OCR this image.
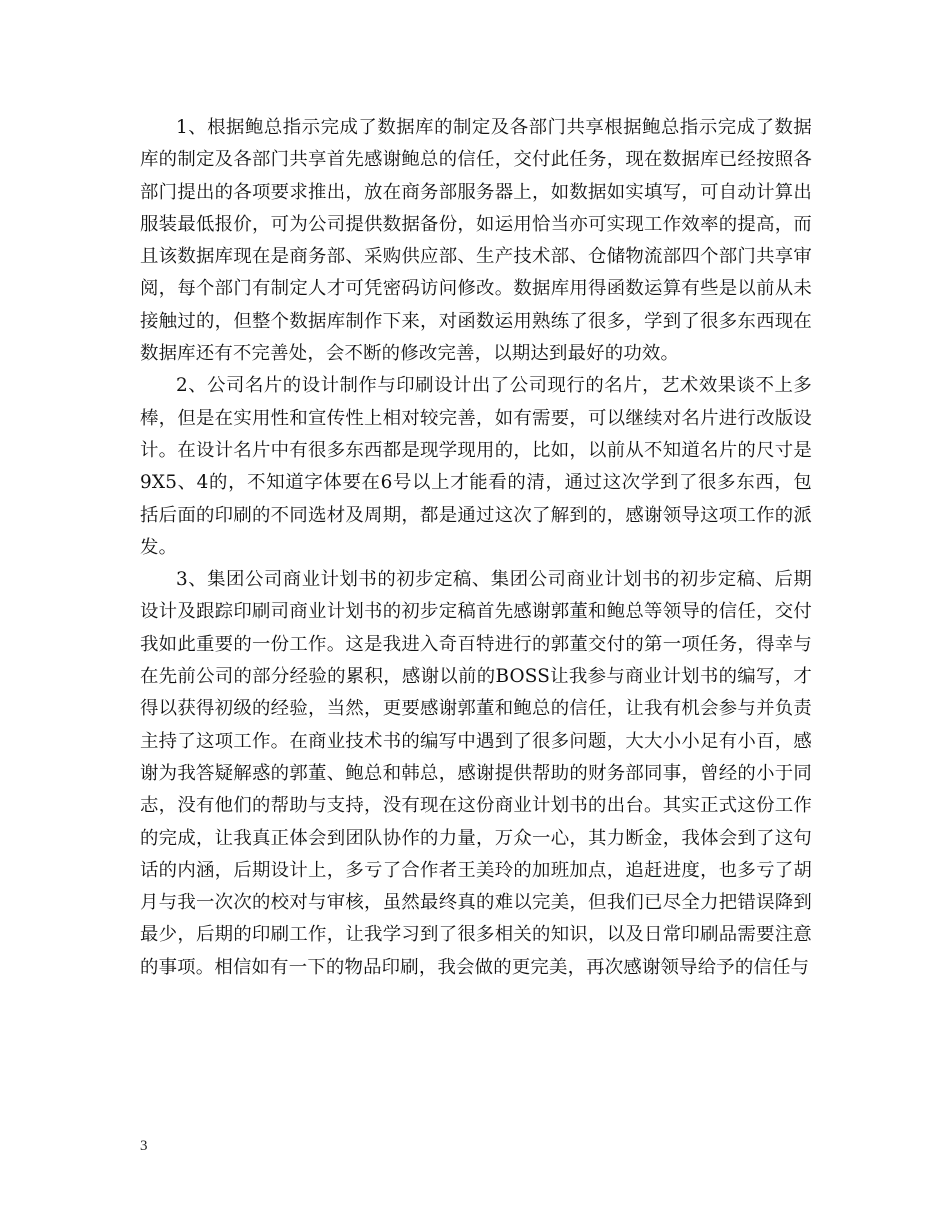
1、根据鲍总指示完成了数据库的制定及各部门共享根据鲍总指示完成了数据库的制定及各部门共享首先感谢鲍总的信任，交付此任务，现在数据库已经按照各部门提出的各项要求推出，放在商务部服务器上，如数据如实填写，可自动计算出服装最低报价，可为公司提供数据备份，如运用恰当亦可实现工作效率的提高，而且该数据库现在是商务部、采购供应部、生产技术部、仓储物流部四个部门共享审阅，每个部门有制定人才可凭密码访问修改。数据库用得函数运算有些是以前从未接触过的，但整个数据库制作下来，对函数运用熟练了很多，学到了很多东西现在数据库还有不完善处，会不断的修改完善，以期达到最好的功效。

2、公司名片的设计制作与印刷设计出了公司现行的名片，艺术效果谈不上多棒，但是在实用性和宣传性上相对较完善，如有需要，可以继续对名片进行改版设计。在设计名片中有很多东西都是现学现用的，比如，以前从不知道名片的尺寸是9X5、4的，不知道字体要在6号以上才能看的清，通过这次学到了很多东西，包括后面的印刷的不同选材及周期，都是通过这次了解到的，感谢领导这项工作的派发。

3、集团公司商业计划书的初步定稿、集团公司商业计划书的初步定稿、后期设计及跟踪印刷司商业计划书的初步定稿首先感谢郭董和鲍总等领导的信任，交付我如此重要的一份工作。这是我进入奇百特进行的郭董交付的第一项任务，得幸与在先前公司的部分经验的累积，感谢以前的BOSS让我参与商业计划书的编写，才得以获得初级的经验，当然，更要感谢郭董和鲍总的信任，让我有机会参与并负责主持了这项工作。在商业技术书的编写中遇到了很多问题，大大小小足有小百，感谢为我答疑解惑的郭董、鲍总和韩总，感谢提供帮助的财务部同事，曾经的小于同志，没有他们的帮助与支持，没有现在这份商业计划书的出台。其实正式这份工作的完成，让我真正体会到团队协作的力量，万众一心，其力断金，我体会到了这句话的内涵，后期设计上，多亏了合作者王美玲的加班加点，追赶进度，也多亏了胡月与我一次次的校对与审核，虽然最终真的难以完美，但我们已尽全力把错误降到最少，后期的印刷工作，让我学习到了很多相关的知识，以及日常印刷品需要注意的事项。相信如有一下的物品印刷，我会做的更完美，再次感谢领导给予的信任与

3
